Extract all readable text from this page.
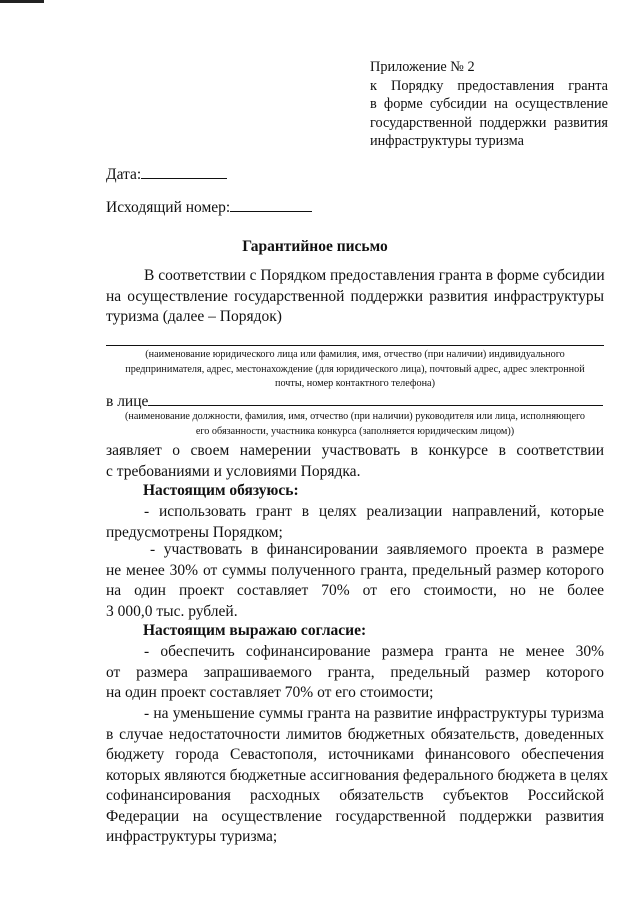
Приложение № 2
к Порядку предоставления гранта
в форме субсидии на осуществление
государственной поддержки развития
инфраструктуры туризма
Дата:
Исходящий номер:
Гарантийное письмо
В соответствии с Порядком предоставления гранта в форме субсидии
на осуществление государственной поддержки развития инфраструктуры
туризма (далее – Порядок)
(наименование юридического лица или фамилия, имя, отчество (при наличии) индивидуального
предпринимателя, адрес, местонахождение (для юридического лица), почтовый адрес, адрес электронной
почты, номер контактного телефона)
в лице
(наименование должности, фамилия, имя, отчество (при наличии) руководителя или лица, исполняющего
его обязанности, участника конкурса (заполняется юридическим лицом))
заявляет о своем намерении участвовать в конкурсе в соответствии
с требованиями и условиями Порядка.
Настоящим обязуюсь:
- использовать грант в целях реализации направлений, которые
предусмотрены Порядком;
- участвовать в финансировании заявляемого проекта в размере
не менее 30% от суммы полученного гранта, предельный размер которого
на один проект составляет 70% от его стоимости, но не более
3 000,0 тыс. рублей.
Настоящим выражаю согласие:
- обеспечить софинансирование размера гранта не менее 30%
от размера запрашиваемого гранта, предельный размер которого
на один проект составляет 70% от его стоимости;
- на уменьшение суммы гранта на развитие инфраструктуры туризма
в случае недостаточности лимитов бюджетных обязательств, доведенных
бюджету города Севастополя, источниками финансового обеспечения
которых являются бюджетные ассигнования федерального бюджета в целях
софинансирования расходных обязательств субъектов Российской
Федерации на осуществление государственной поддержки развития
инфраструктуры туризма;
